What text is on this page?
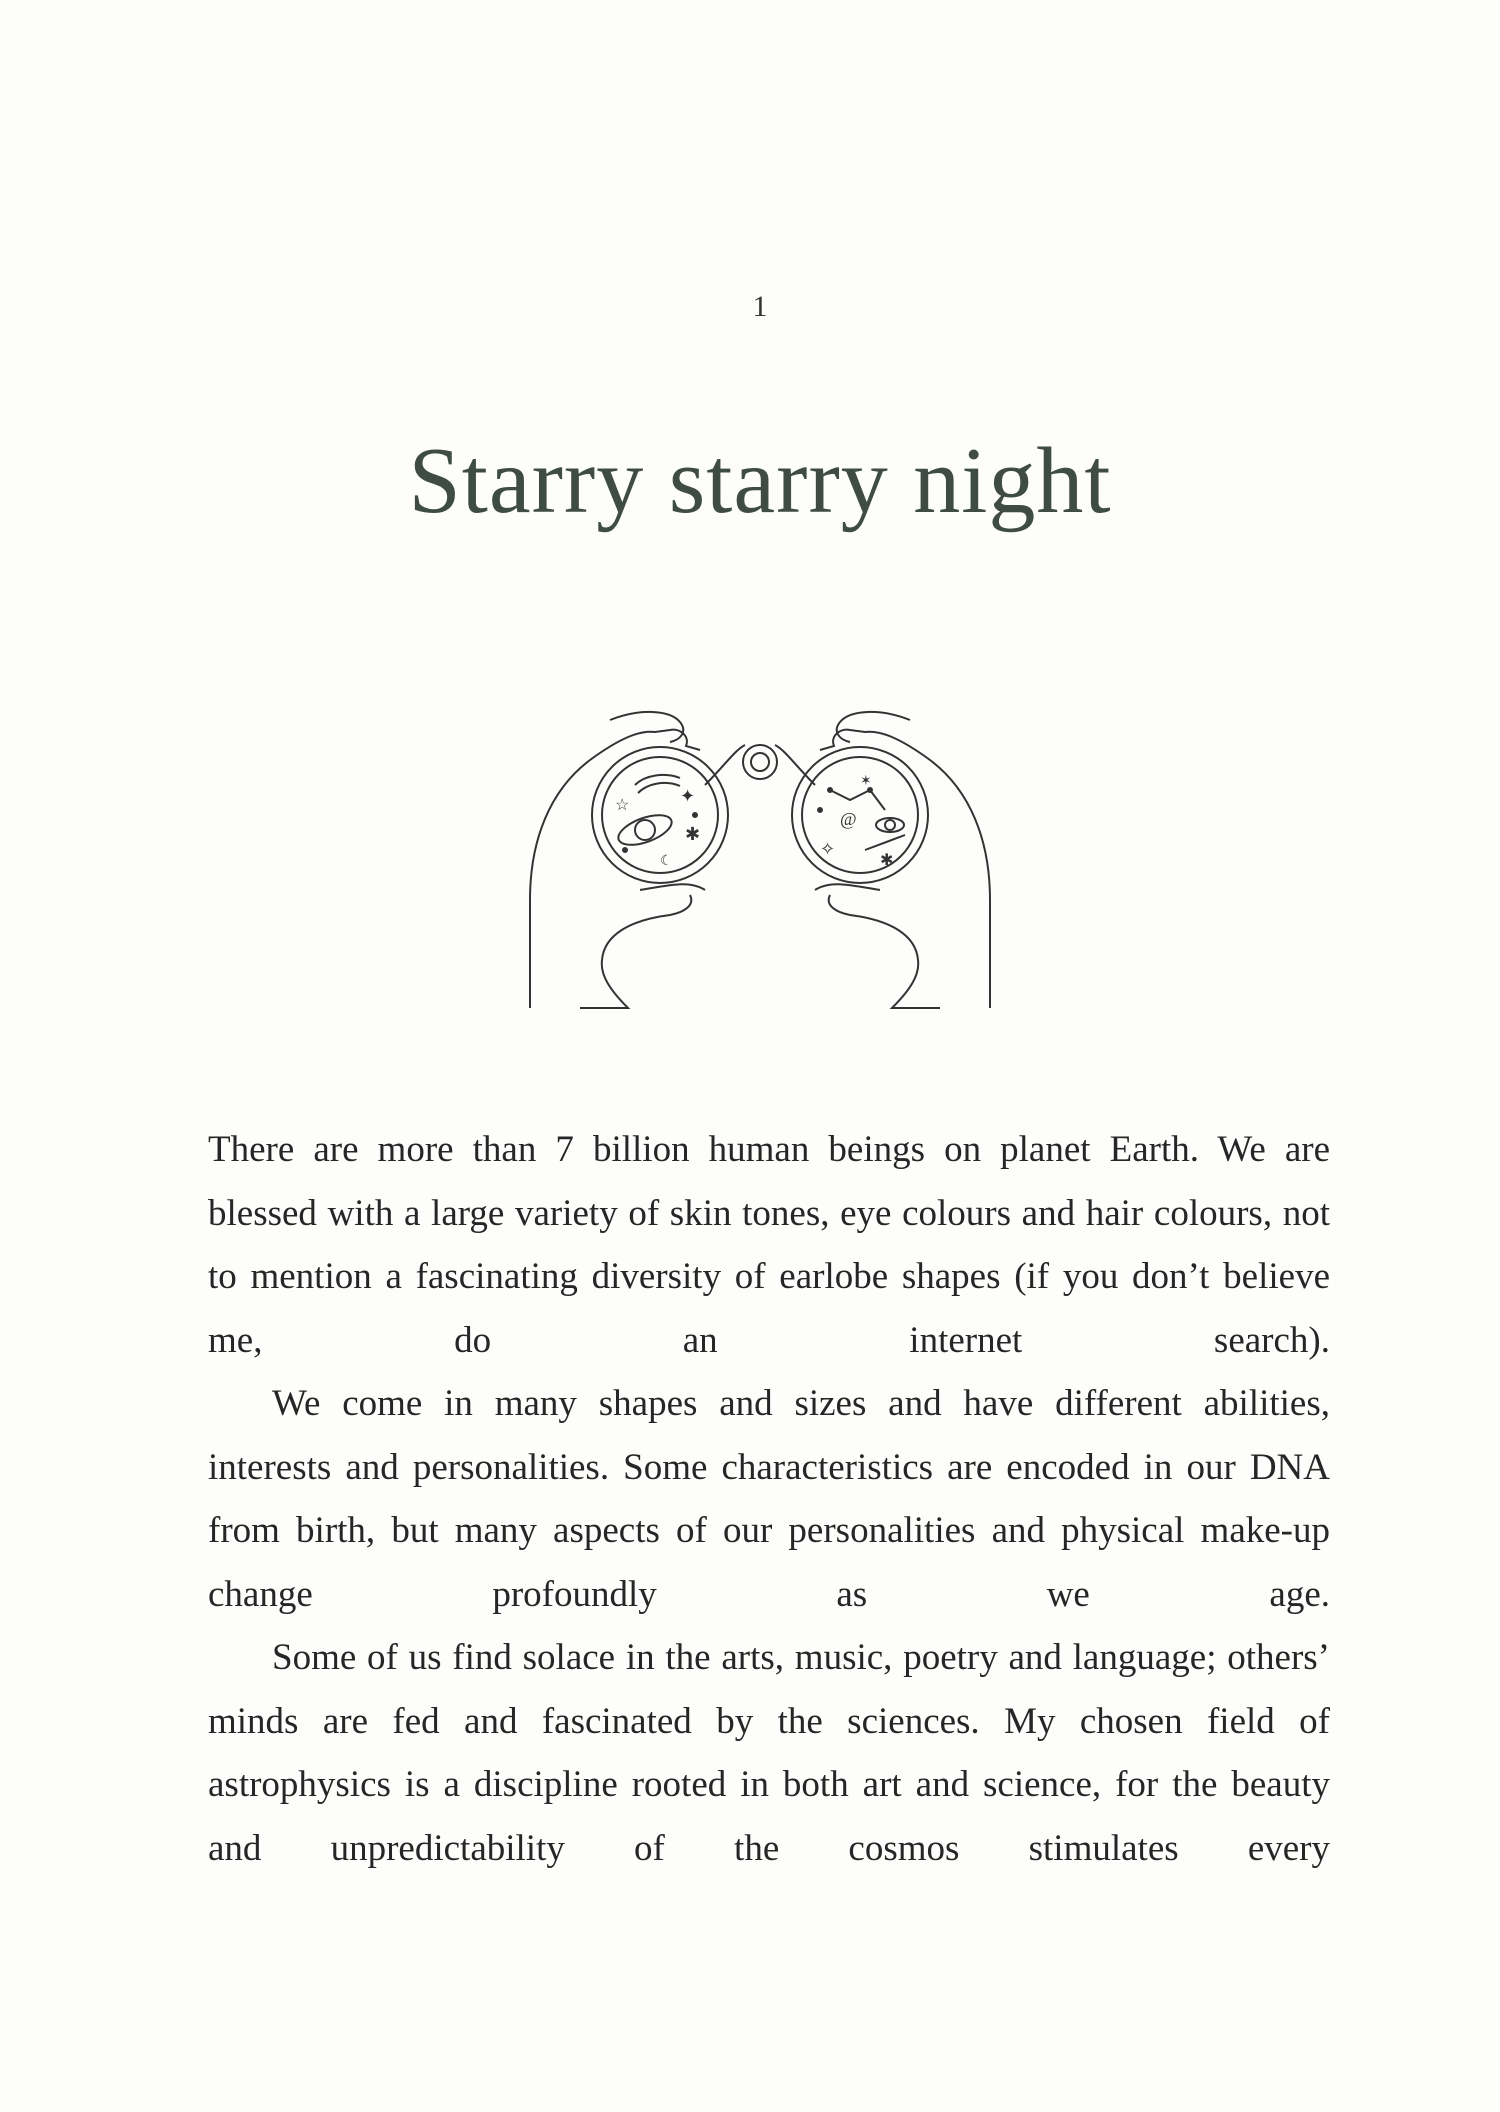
1
Starry starry night
✦
☆
✱
☾
@
✧
✱
✶

There are more than 7 billion human beings on planet Earth. We are blessed with a large variety of skin tones, eye colours and hair colours, not to mention a fascinating diversity of earlobe shapes (if you don’t believe me, do an internet search).

We come in many shapes and sizes and have different abilities, interests and personalities. Some characteristics are encoded in our DNA from birth, but many aspects of our personalities and physical make-up change profoundly as we age.

Some of us find solace in the arts, music, poetry and language; others’ minds are fed and fascinated by the sciences. My chosen field of astrophysics is a discipline rooted in both art and science, for the beauty and unpredictability of the cosmos stimulates every
